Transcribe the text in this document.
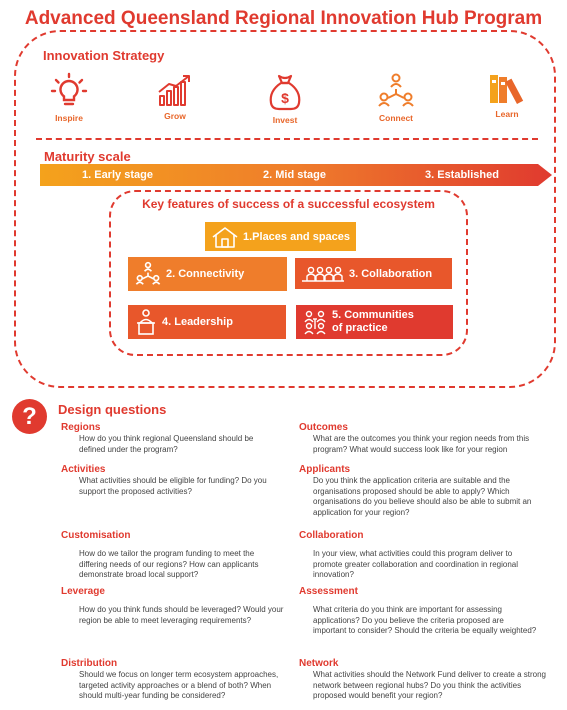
Advanced Queensland Regional Innovation Hub Program
Innovation Strategy
Inspire	Grow
$
Invest	Connect	Learn
Maturity scale
1. Early stage	2. Mid stage	3. Established
Key features of success of a successful ecosystem
1.Places and spaces
2. Connectivity	3. Collaboration
4. Leadership
5. Communities
of practice
?	Design questions
Regions
How do you think regional Queensland should be defined under the program?
Activities
What activities should be eligible for funding? Do you support the proposed activities?
Customisation
How do we tailor the program funding to meet the differing needs of our regions? How can applicants demonstrate broad local support?
Leverage
How do you think funds should be leveraged? Would your region be able to meet leveraging requirements?
Distribution
Should we focus on longer term ecosystem approaches, targeted activity approaches or a blend of both? When should multi-year funding be considered?
Outcomes
What are the outcomes you think your region needs from this program? What would success look like for your region
Applicants
Do you think the application criteria are suitable and the organisations proposed should be able to apply? Which organisations do you believe should also be able to submit an application for your region?
Collaboration
In your view, what activities could this program deliver to promote greater collaboration and coordination in regional innovation?
Assessment
What criteria do you think are important for assessing applications? Do you believe the criteria proposed are important to consider? Should the criteria be equally weighted?
Network
What activities should the Network Fund deliver to create a strong network between regional hubs? Do you think the activities proposed would benefit your region?
